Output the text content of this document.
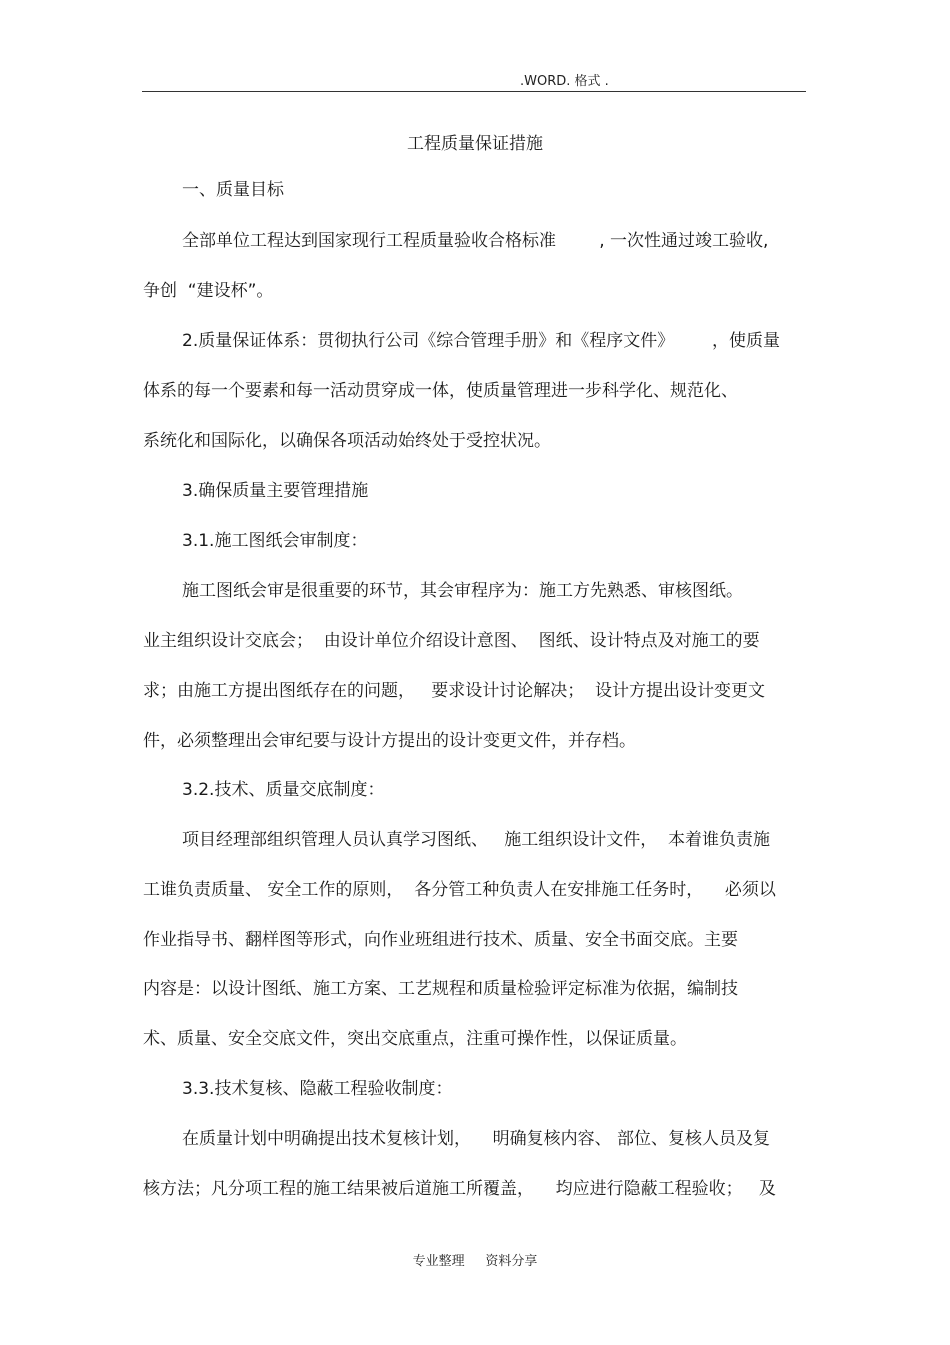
.WORD. 格式 .
工程质量保证措施
一、质量目标
全部单位工程达到国家现行工程质量验收合格标准        , 一次性通过竣工验收,
争创  “建设杯”。
2.质量保证体系：贯彻执行公司《综合管理手册》和《程序文件》       ，使质量
体系的每一个要素和每一活动贯穿成一体，使质量管理进一步科学化、规范化、
系统化和国际化，以确保各项活动始终处于受控状况。
3.确保质量主要管理措施
3.1.施工图纸会审制度：
施工图纸会审是很重要的环节，其会审程序为：施工方先熟悉、审核图纸。
业主组织设计交底会；  由设计单位介绍设计意图、  图纸、设计特点及对施工的要
求；由施工方提出图纸存在的问题，   要求设计讨论解决；  设计方提出设计变更文
件，必须整理出会审纪要与设计方提出的设计变更文件，并存档。
3.2.技术、质量交底制度：
项目经理部组织管理人员认真学习图纸、   施工组织设计文件，  本着谁负责施
工谁负责质量、 安全工作的原则，  各分管工种负责人在安排施工任务时，    必须以
作业指导书、翻样图等形式，向作业班组进行技术、质量、安全书面交底。主要
内容是：以设计图纸、施工方案、工艺规程和质量检验评定标准为依据，编制技
术、质量、安全交底文件，突出交底重点，注重可操作性，以保证质量。
3.3.技术复核、隐蔽工程验收制度：
在质量计划中明确提出技术复核计划，    明确复核内容、 部位、复核人员及复
核方法；凡分项工程的施工结果被后道施工所覆盖，    均应进行隐蔽工程验收；   及
专业整理     资料分享
